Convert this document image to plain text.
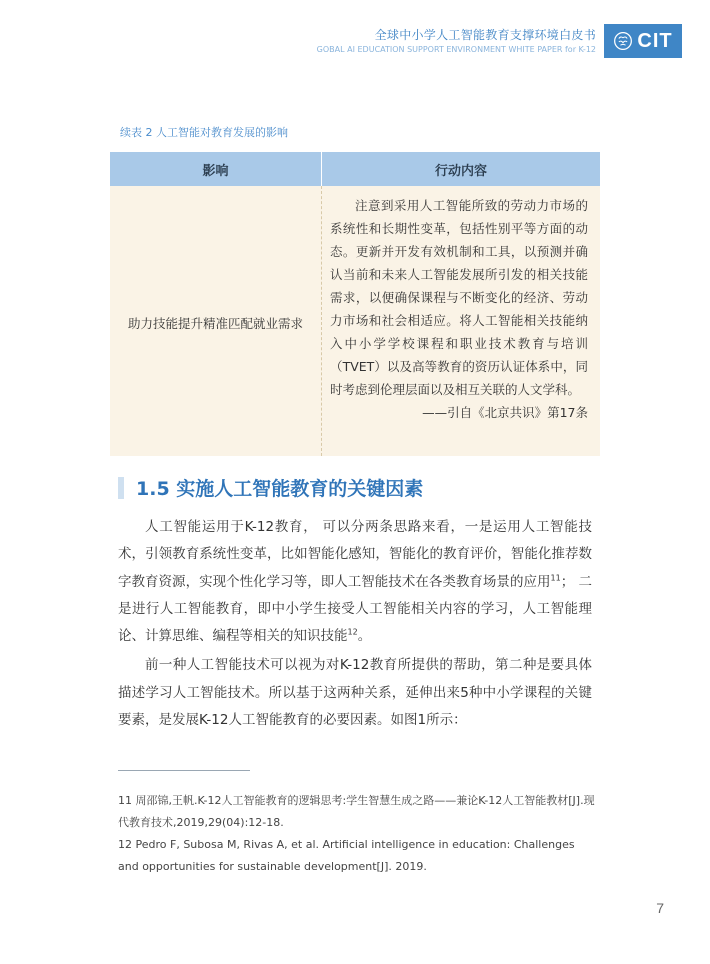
全球中小学人工智能教育支撑环境白皮书
GOBAL AI EDUCATION SUPPORT ENVIRONMENT WHITE PAPER for K-12 CIT
续表 2 人工智能对教育发展的影响
影响	行动内容
助力技能提升精准匹配就业需求
注意到采用人工智能所致的劳动力市场的系统性和长期性变革，包括性别平等方面的动态。更新并开发有效机制和工具，以预测并确认当前和未来人工智能发展所引发的相关技能需求，以便确保课程与不断变化的经济、劳动力市场和社会相适应。将人工智能相关技能纳入中小学学校课程和职业技术教育与培训（TVET）以及高等教育的资历认证体系中，同时考虑到伦理层面以及相互关联的人文学科。
——引自《北京共识》第17条
1.5 实施人工智能教育的关键因素

人工智能运用于K-12教育， 可以分两条思路来看，一是运用人工智能技术，引领教育系统性变革，比如智能化感知，智能化的教育评价，智能化推荐数字教育资源，实现个性化学习等，即人工智能技术在各类教育场景的应用$^{11}$； 二是进行人工智能教育，即中小学生接受人工智能相关内容的学习，人工智能理论、计算思维、编程等相关的知识技能$^{12}$。

前一种人工智能技术可以视为对K-12教育所提供的帮助，第二种是要具体描述学习人工智能技术。所以基于这两种关系，延伸出来5种中小学课程的关键要素，是发展K-12人工智能教育的必要因素。如图1所示：

11 周邵锦,王帆.K-12人工智能教育的逻辑思考:学生智慧生成之路——兼论K-12人工智能教材[J].现代教育技术,2019,29(04):12-18.
12 Pedro F, Subosa M, Rivas A, et al. Artificial intelligence in education: Challenges and opportunities for sustainable development[J]. 2019.
7
